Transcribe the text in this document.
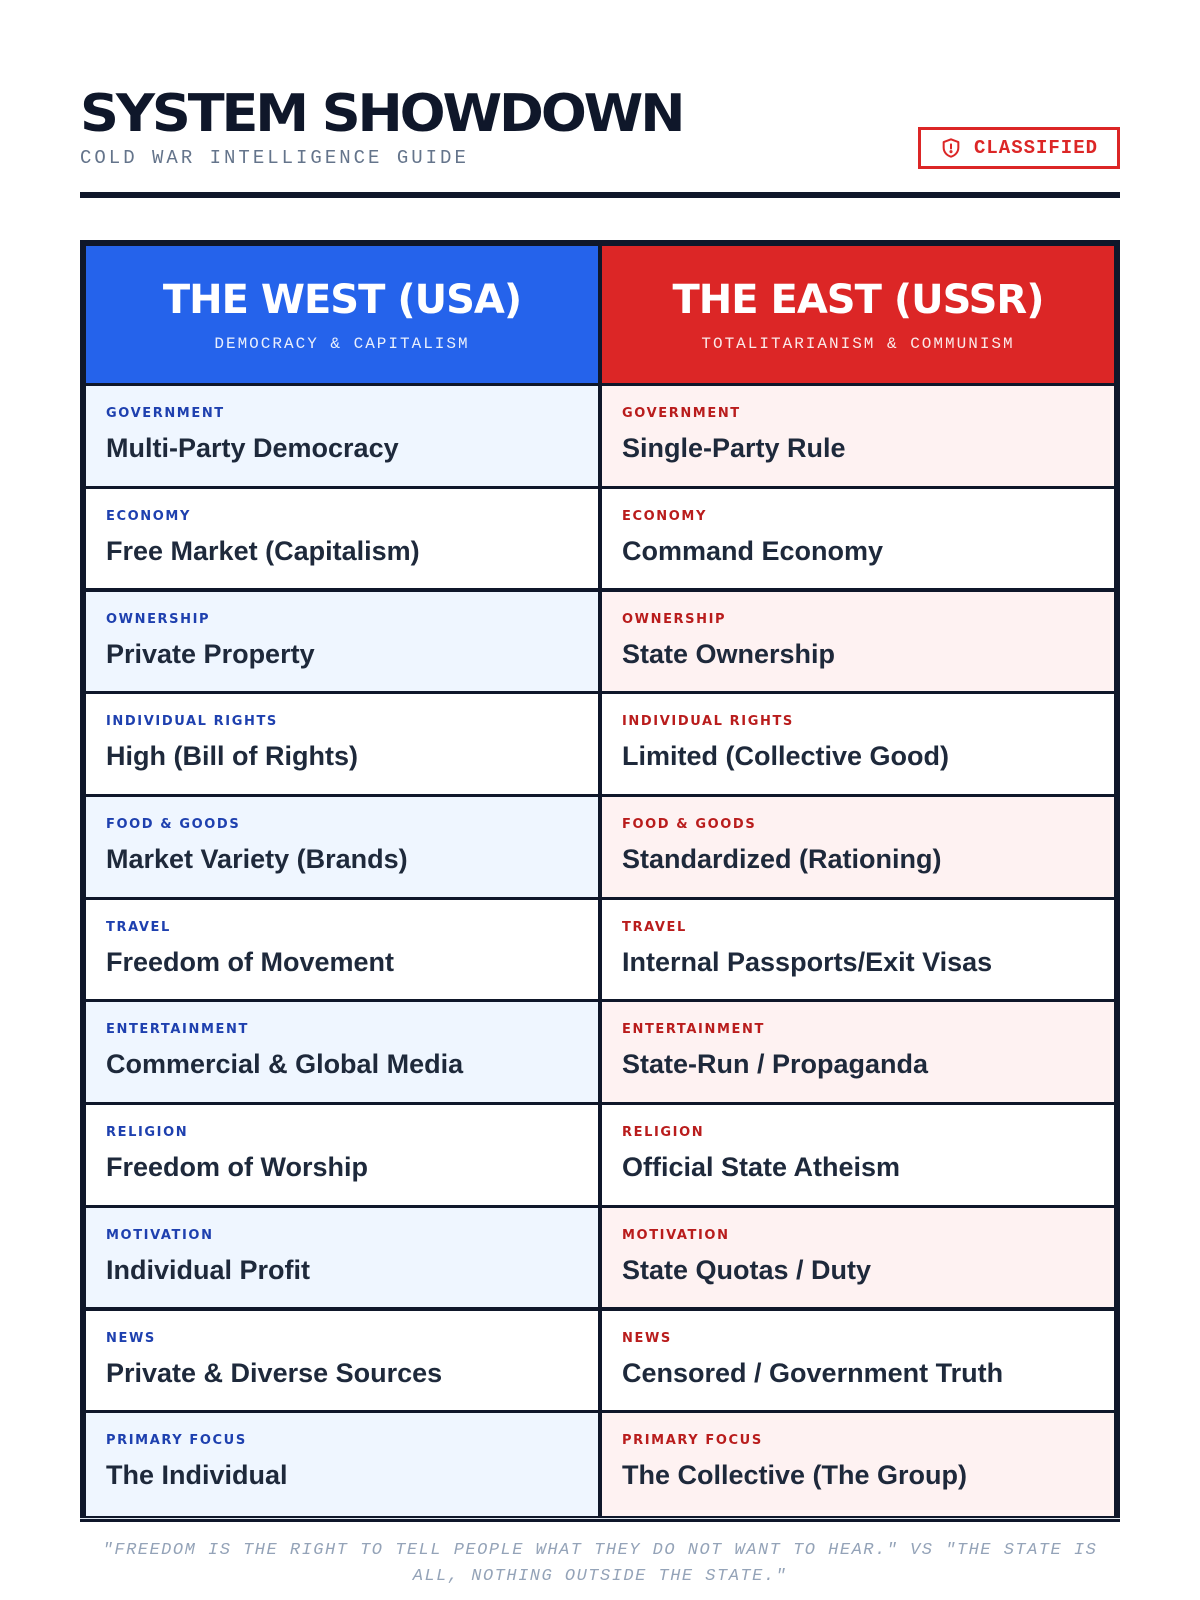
SYSTEM SHOWDOWN
COLD WAR INTELLIGENCE GUIDE	CLASSIFIED
THE WEST (USA)
DEMOCRACY & CAPITALISM
THE EAST (USSR)
TOTALITARIANISM & COMMUNISM
GOVERNMENT
Multi-Party Democracy
GOVERNMENT
Single-Party Rule
ECONOMY
Free Market (Capitalism)
ECONOMY
Command Economy
OWNERSHIP
Private Property
OWNERSHIP
State Ownership
INDIVIDUAL RIGHTS
High (Bill of Rights)
INDIVIDUAL RIGHTS
Limited (Collective Good)
FOOD & GOODS
Market Variety (Brands)
FOOD & GOODS
Standardized (Rationing)
TRAVEL
Freedom of Movement
TRAVEL
Internal Passports/Exit Visas
ENTERTAINMENT
Commercial & Global Media
ENTERTAINMENT
State-Run / Propaganda
RELIGION
Freedom of Worship
RELIGION
Official State Atheism
MOTIVATION
Individual Profit
MOTIVATION
State Quotas / Duty
NEWS
Private & Diverse Sources
NEWS
Censored / Government Truth
PRIMARY FOCUS
The Individual
PRIMARY FOCUS
The Collective (The Group)
"FREEDOM IS THE RIGHT TO TELL PEOPLE WHAT THEY DO NOT WANT TO HEAR." VS "THE STATE IS ALL, NOTHING OUTSIDE THE STATE."
